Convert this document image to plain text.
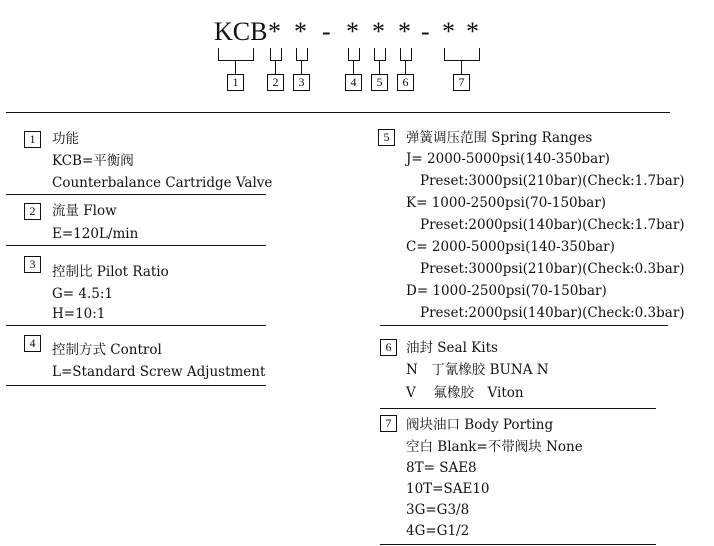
KCB * * - * * * - * *
1	2	3	4	5	6	7
1	功能
KCB=平衡阀
Counterbalance Cartridge Valve
2	流量 Flow
E=120L/min
3	控制比 Pilot Ratio
G= 4.5:1
H=10:1
4	控制方式 Control
L=Standard Screw Adjustment
5	弹簧调压范围 Spring Ranges
J= 2000-5000psi(140-350bar)
Preset:3000psi(210bar)(Check:1.7bar)
K= 1000-2500psi(70-150bar)
Preset:2000psi(140bar)(Check:1.7bar)
C= 2000-5000psi(140-350bar)
Preset:3000psi(210bar)(Check:0.3bar)
D= 1000-2500psi(70-150bar)
Preset:2000psi(140bar)(Check:0.3bar)
6	油封 Seal Kits
N　丁氰橡胶 BUNA N
V　 氟橡胶　Viton
7	阀块油口 Body Porting
空白 Blank=不带阀块 None
8T= SAE8
10T=SAE10
3G=G3/8
4G=G1/2
